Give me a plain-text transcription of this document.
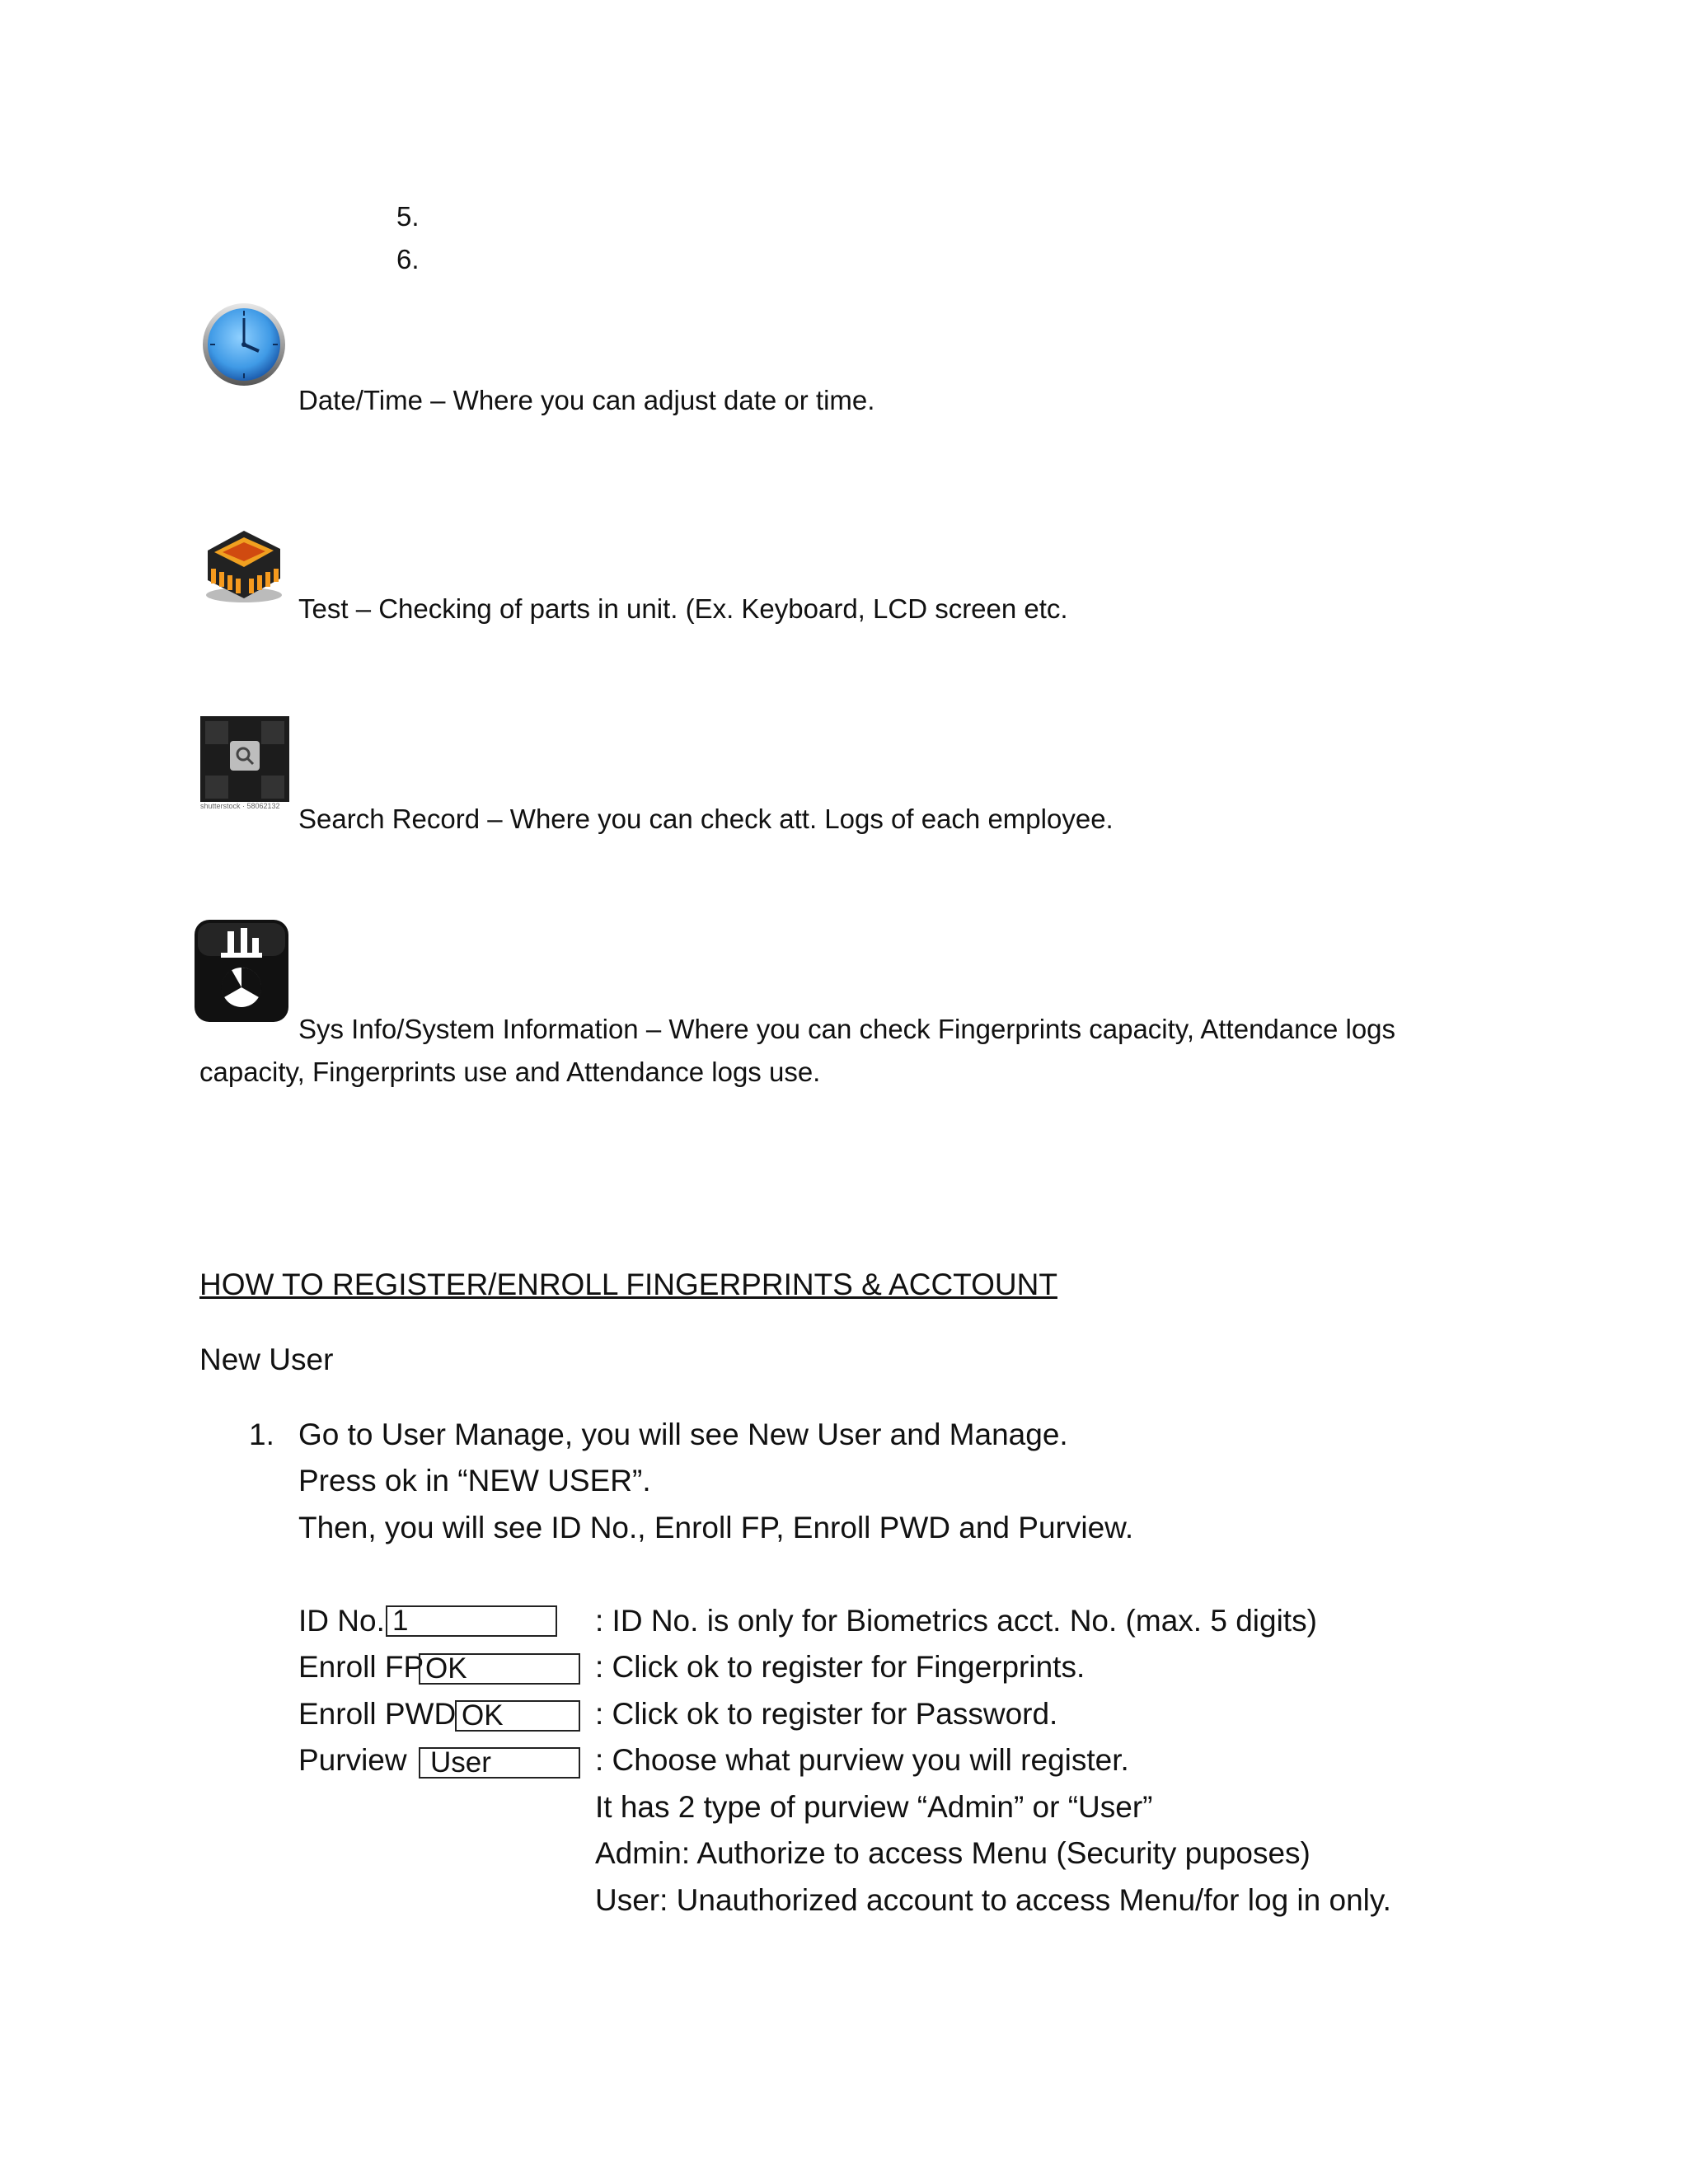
5.
6.
Date/Time – Where you can adjust date or time.
Test – Checking of parts in unit. (Ex. Keyboard, LCD screen etc.
shutterstock · 58062132 Search Record – Where you can check att. Logs of each employee.
Sys Info/System Information – Where you can check Fingerprints capacity, Attendance logs
capacity, Fingerprints use and Attendance logs use.
HOW TO REGISTER/ENROLL FINGERPRINTS & ACCTOUNT
New User
1. Go to User Manage, you will see New User and Manage.
Press ok in “NEW USER”.
Then, you will see ID No., Enroll FP, Enroll PWD and Purview.
ID No. 1	: ID No. is only for Biometrics acct. No. (max. 5 digits)
Enroll FP OK	: Click ok to register for Fingerprints.
Enroll PWD OK	: Click ok to register for Password.
Purview User	: Choose what purview you will register.
It has 2 type of purview “Admin” or “User”
Admin: Authorize to access Menu (Security puposes)
User: Unauthorized account to access Menu/for log in only.
